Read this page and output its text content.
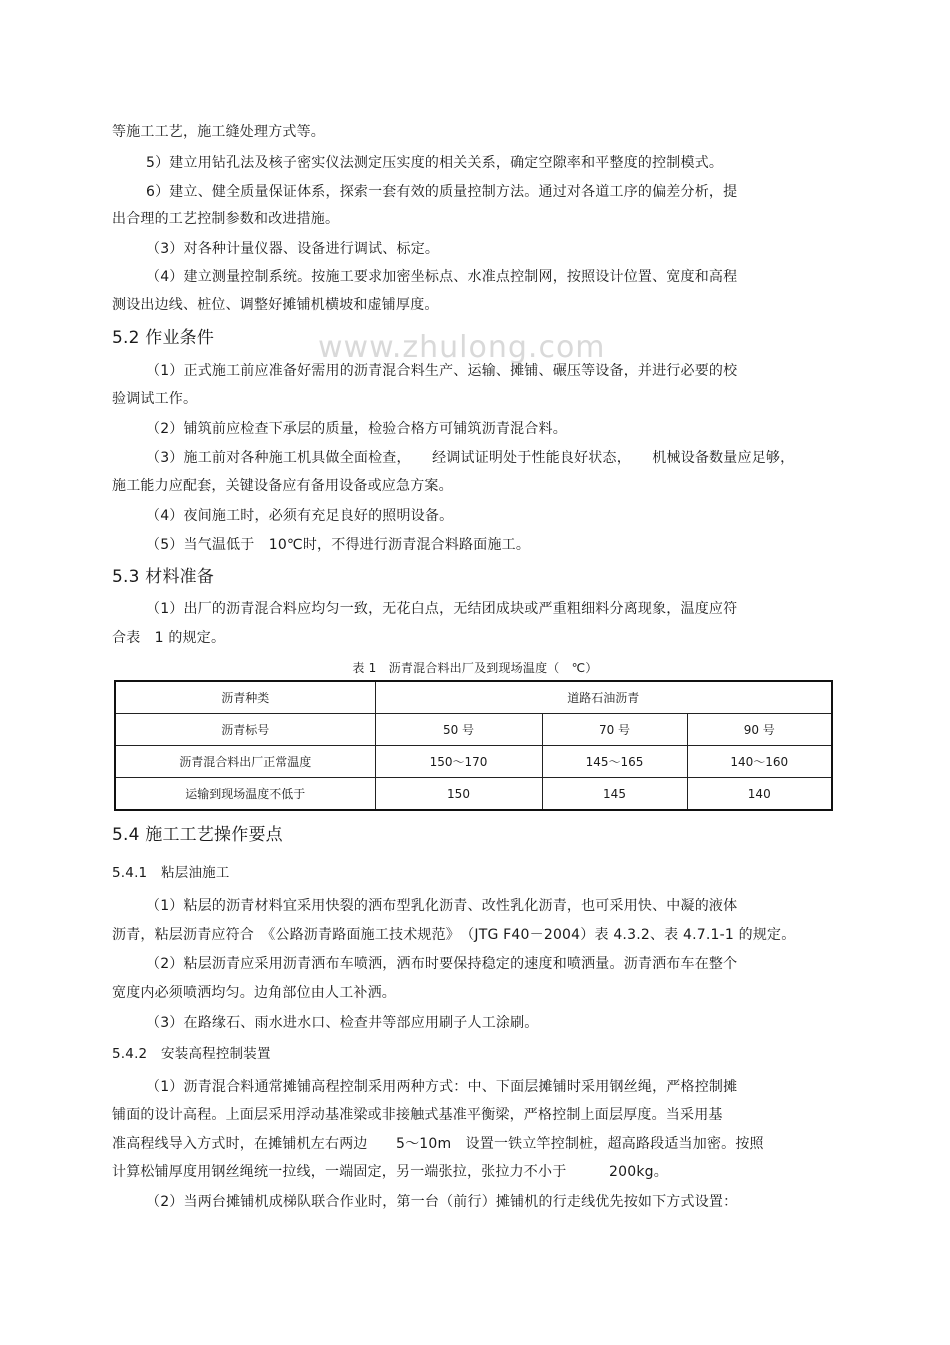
www.zhulong.com
等施工工艺，施工缝处理方式等。
5）建立用钻孔法及核子密实仪法测定压实度的相关关系，确定空隙率和平整度的控制模式。
6）建立、健全质量保证体系，探索一套有效的质量控制方法。通过对各道工序的偏差分析，提
出合理的工艺控制参数和改进措施。
（3）对各种计量仪器、设备进行调试、标定。
（4）建立测量控制系统。按施工要求加密坐标点、水准点控制网，按照设计位置、宽度和高程
测设出边线、桩位、调整好摊铺机横坡和虚铺厚度。
5.2 作业条件
（1）正式施工前应准备好需用的沥青混合料生产、运输、摊铺、碾压等设备，并进行必要的校
验调试工作。
（2）铺筑前应检查下承层的质量，检验合格方可铺筑沥青混合料。
（3）施工前对各种施工机具做全面检查，　　经调试证明处于性能良好状态，　　机械设备数量应足够，
施工能力应配套，关键设备应有备用设备或应急方案。
（4）夜间施工时，必须有充足良好的照明设备。
（5）当气温低于　10℃时，不得进行沥青混合料路面施工。
5.3 材料准备
（1）出厂的沥青混合料应均匀一致，无花白点，无结团成块或严重粗细料分离现象，温度应符
合表　1 的规定。
表 1　沥青混合料出厂及到现场温度（　℃）
沥青种类	道路石油沥青		
沥青标号	50 号	70 号	90 号
沥青混合料出厂正常温度	150～170	145～165	140～160
运输到现场温度不低于	150	145	140
5.4 施工工艺操作要点
5.4.1　粘层油施工
（1）粘层的沥青材料宜采用快裂的洒布型乳化沥青、改性乳化沥青，也可采用快、中凝的液体
沥青，粘层沥青应符合　《公路沥青路面施工技术规范》　（JTG F40－2004）表 4.3.2、表 4.7.1-1 的规定。
（2）粘层沥青应采用沥青洒布车喷洒，洒布时要保持稳定的速度和喷洒量。沥青洒布车在整个
宽度内必须喷洒均匀。边角部位由人工补洒。
（3）在路缘石、雨水进水口、检查井等部应用刷子人工涂刷。
5.4.2　安装高程控制装置
（1）沥青混合料通常摊铺高程控制采用两种方式：中、下面层摊铺时采用钢丝绳，严格控制摊
铺面的设计高程。上面层采用浮动基准梁或非接触式基准平衡梁，严格控制上面层厚度。当采用基
准高程线导入方式时，在摊铺机左右两边　　5～10m　设置一铁立竿控制桩，超高路段适当加密。按照
计算松铺厚度用钢丝绳统一拉线，一端固定，另一端张拉，张拉力不小于　　　200kg。
（2）当两台摊铺机成梯队联合作业时，第一台（前行）摊铺机的行走线优先按如下方式设置：
